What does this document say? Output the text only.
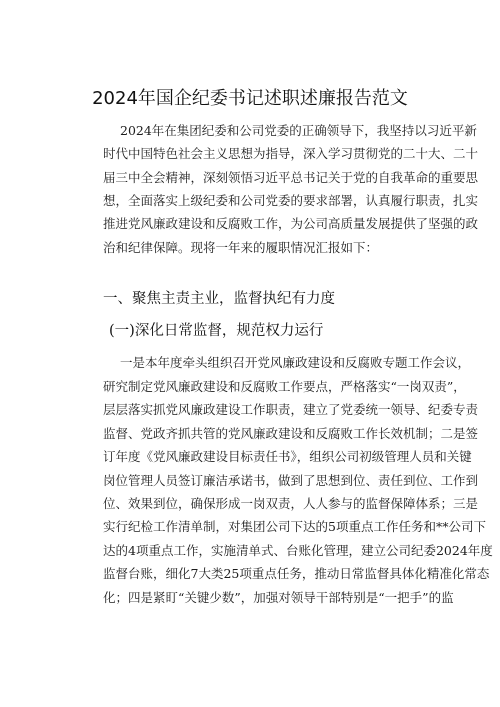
2024年国企纪委书记述职述廉报告范文
2024年在集团纪委和公司党委的正确领导下，我坚持以习近平新
时代中国特色社会主义思想为指导，深入学习贯彻党的二十大、二十
届三中全会精神，深刻领悟习近平总书记关于党的自我革命的重要思
想，全面落实上级纪委和公司党委的要求部署，认真履行职责，扎实
推进党风廉政建设和反腐败工作，为公司高质量发展提供了坚强的政
治和纪律保障。现将一年来的履职情况汇报如下：
一、聚焦主责主业，监督执纪有力度
(一)深化日常监督，规范权力运行
一是本年度牵头组织召开党风廉政建设和反腐败专题工作会议，
研究制定党风廉政建设和反腐败工作要点，严格落实“一岗双责”，
层层落实抓党风廉政建设工作职责，建立了党委统一领导、纪委专责
监督、党政齐抓共管的党风廉政建设和反腐败工作长效机制；二是签
订年度《党风廉政建设目标责任书》，组织公司初级管理人员和关键
岗位管理人员签订廉洁承诺书，做到了思想到位、责任到位、工作到
位、效果到位，确保形成一岗双责，人人参与的监督保障体系；三是
实行纪检工作清单制，对集团公司下达的5项重点工作任务和**公司下
达的4项重点工作，实施清单式、台账化管理，建立公司纪委2024年度
监督台账，细化7大类25项重点任务，推动日常监督具体化精准化常态
化；四是紧盯“关键少数”，加强对领导干部特别是“一把手”的监
